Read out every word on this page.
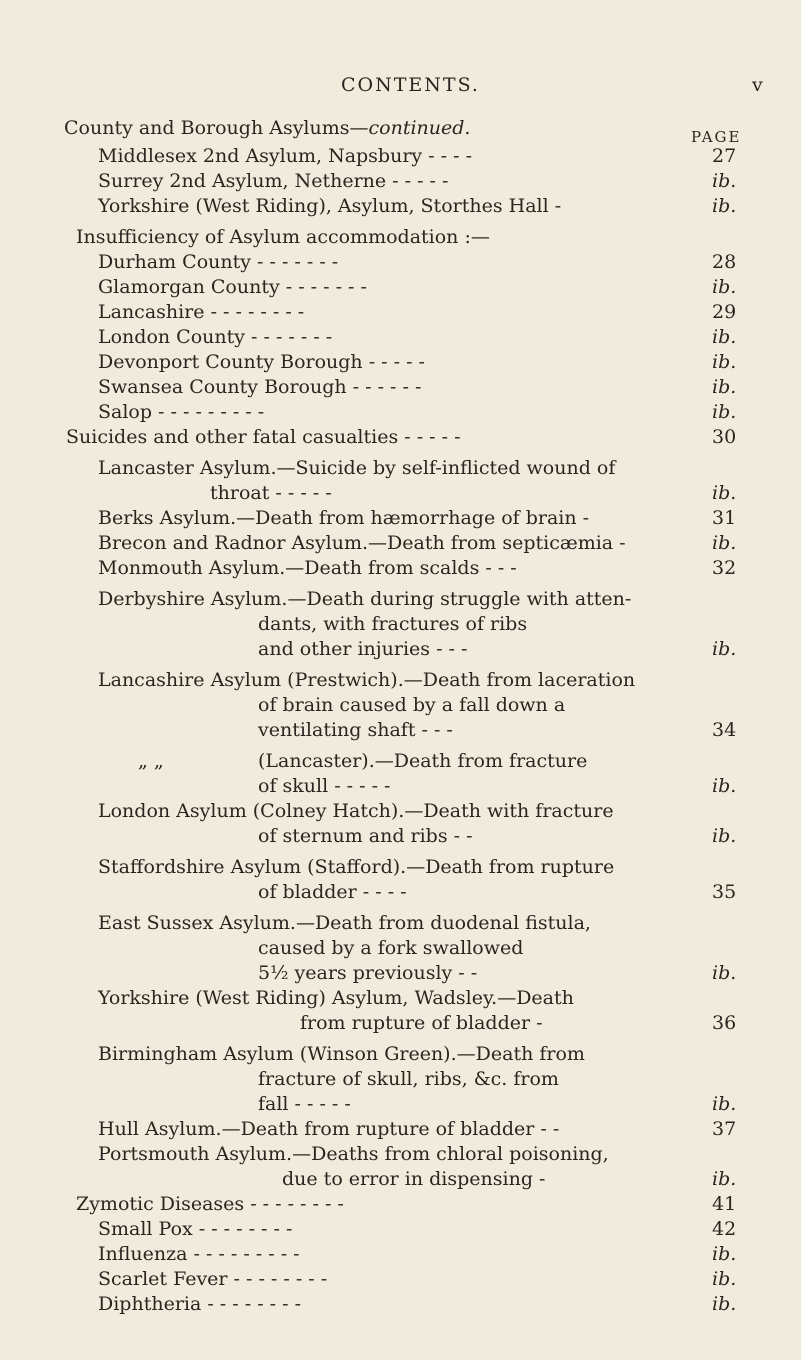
CONTENTS.	v
PAGE
County and Borough Asylums—continued.
Middlesex 2nd Asylum, Napsbury - - - -	27
Surrey 2nd Asylum, Netherne - - - - -	ib.
Yorkshire (West Riding), Asylum, Storthes Hall -	ib.
Insufficiency of Asylum accommodation :—
Durham County - - - - - - -	28
Glamorgan County - - - - - - -	ib.
Lancashire - - - - - - - -	29
London County - - - - - - -	ib.
Devonport County Borough - - - - -	ib.
Swansea County Borough - - - - - -	ib.
Salop - - - - - - - - -	ib.
Suicides and other fatal casualties - - - - -	30
Lancaster Asylum.—Suicide by self-inflicted wound of
throat - - - - -	ib.
Berks Asylum.—Death from hæmorrhage of brain -	31
Brecon and Radnor Asylum.—Death from septicæmia -	ib.
Monmouth Asylum.—Death from scalds - - -	32
Derbyshire Asylum.—Death during struggle with atten-
dants, with fractures of ribs
and other injuries - - -	ib.
Lancashire Asylum (Prestwich).—Death from laceration
of brain caused by a fall down a
ventilating shaft - - -	34
„ „	(Lancaster).—Death from fracture
of skull - - - - -	ib.
London Asylum (Colney Hatch).—Death with fracture
of sternum and ribs - -	ib.
Staffordshire Asylum (Stafford).—Death from rupture
of bladder - - - -	35
East Sussex Asylum.—Death from duodenal fistula,
caused by a fork swallowed
5½ years previously - -	ib.
Yorkshire (West Riding) Asylum, Wadsley.—Death
from rupture of bladder -	36
Birmingham Asylum (Winson Green).—Death from
fracture of skull, ribs, &c. from
fall - - - - -	ib.
Hull Asylum.—Death from rupture of bladder - -	37
Portsmouth Asylum.—Deaths from chloral poisoning,
due to error in dispensing -	ib.
Zymotic Diseases - - - - - - - -	41
Small Pox - - - - - - - -	42
Influenza - - - - - - - - -	ib.
Scarlet Fever - - - - - - - -	ib.
Diphtheria - - - - - - - -	ib.
